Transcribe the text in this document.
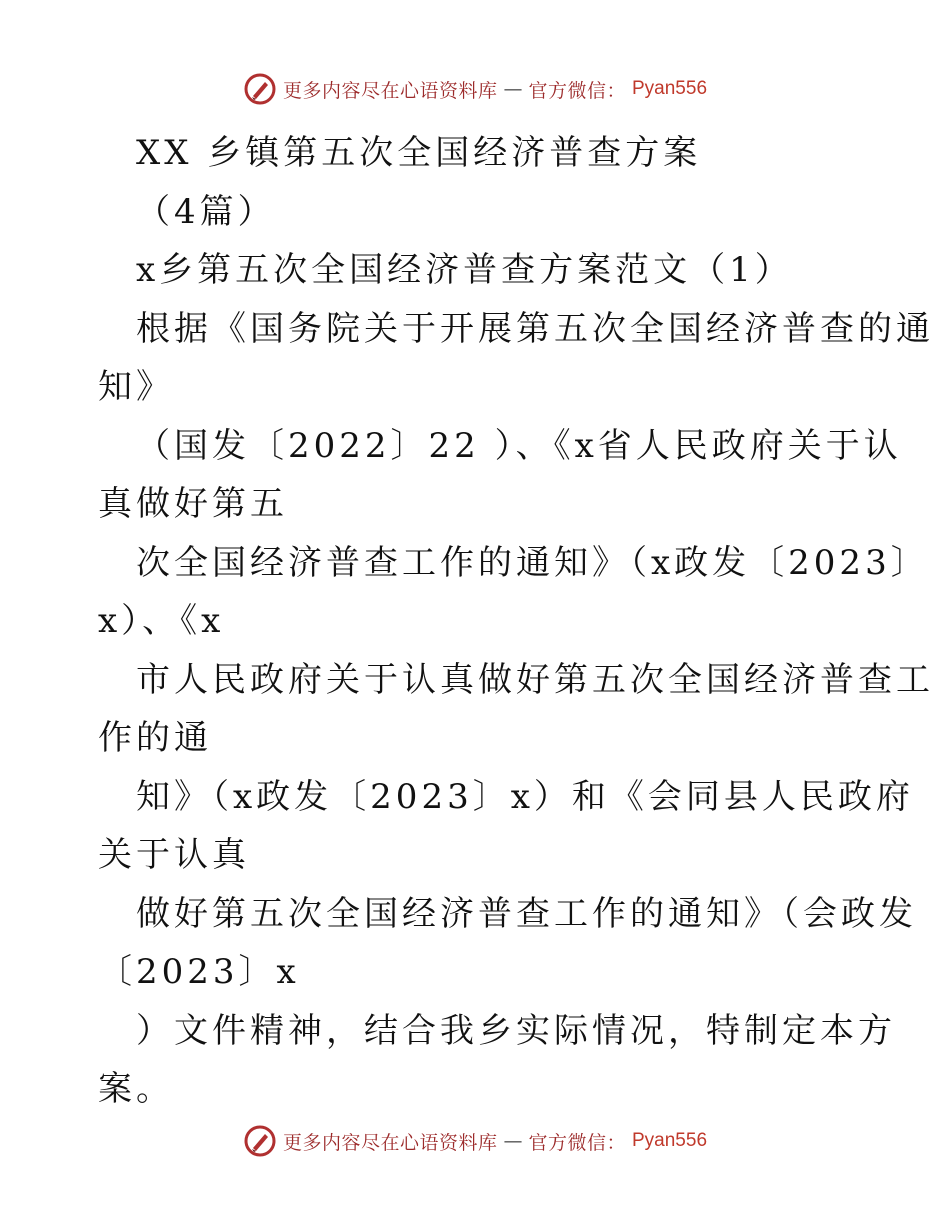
更多内容尽在心语资料库 — 官方微信： Pyan556
XX 乡镇第五次全国经济普查方案
（4篇）
x乡第五次全国经济普查方案范文（1）
根据《国务院关于开展第五次全国经济普查的通
知》
（国发〔2022〕22 ）、《x省人民政府关于认
真做好第五
次全国经济普查工作的通知》（x政发〔2023〕
x）、《x
市人民政府关于认真做好第五次全国经济普查工
作的通
知》（x政发〔2023〕x）和《会同县人民政府
关于认真
做好第五次全国经济普查工作的通知》（会政发
〔2023〕x
）文件精神，结合我乡实际情况，特制定本方
案。
更多内容尽在心语资料库 — 官方微信： Pyan556
